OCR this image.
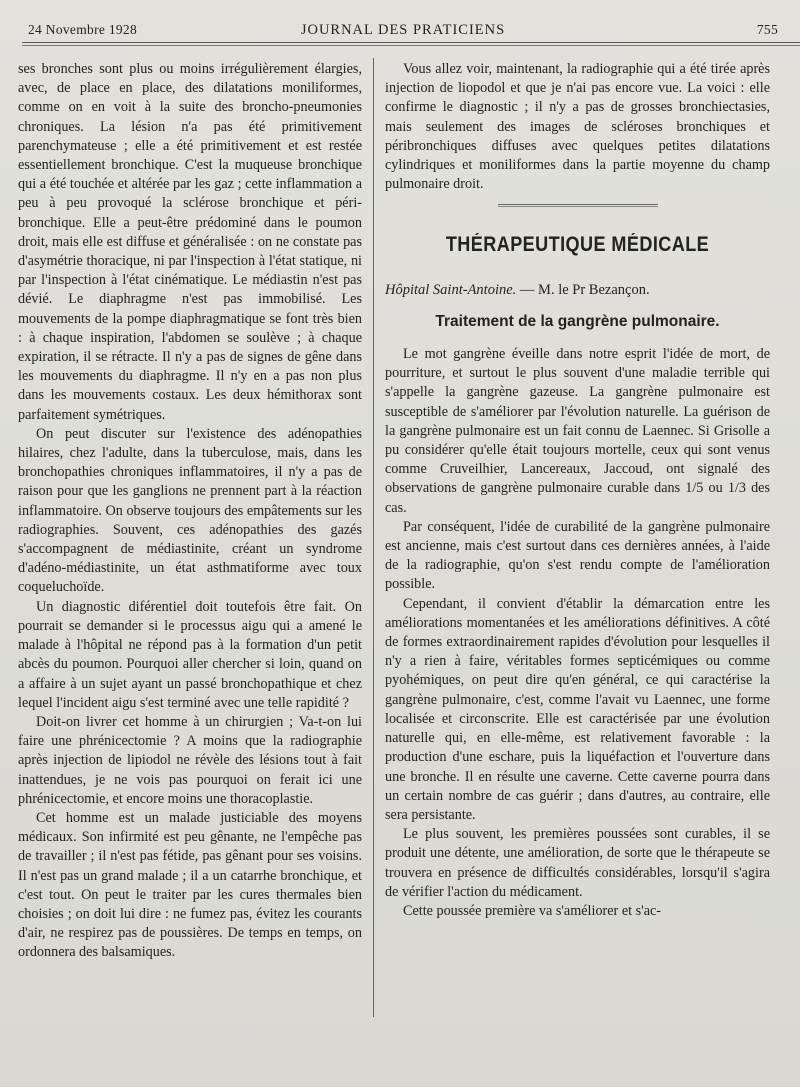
24 Novembre 1928	JOURNAL DES PRATICIENS	755

ses bronches sont plus ou moins irrégulièrement élargies, avec, de place en place, des dilatations moniliformes, comme on en voit à la suite des broncho-pneumonies chroniques. La lésion n'a pas été primitivement parenchymateuse ; elle a été primitivement et est restée essentiellement bronchique. C'est la muqueuse bronchique qui a été touchée et altérée par les gaz ; cette inflammation a peu à peu provoqué la sclérose bronchique et péri-bronchique. Elle a peut-être prédominé dans le poumon droit, mais elle est diffuse et généralisée : on ne constate pas d'asymétrie thoracique, ni par l'inspection à l'état statique, ni par l'inspection à l'état cinématique. Le médiastin n'est pas dévié. Le diaphragme n'est pas immobilisé. Les mouvements de la pompe diaphragmatique se font très bien : à chaque inspiration, l'abdomen se soulève ; à chaque expiration, il se rétracte. Il n'y a pas de signes de gêne dans les mouvements du diaphragme. Il n'y en a pas non plus dans les mouvements costaux. Les deux hémithorax sont parfaitement symétriques.

On peut discuter sur l'existence des adénopathies hilaires, chez l'adulte, dans la tuberculose, mais, dans les bronchopathies chroniques inflammatoires, il n'y a pas de raison pour que les ganglions ne prennent part à la réaction inflammatoire. On observe toujours des empâtements sur les radiographies. Souvent, ces adénopathies des gazés s'accompagnent de médiastinite, créant un syndrome d'adéno-médiastinite, un état asthmatiforme avec toux coqueluchoïde.

Un diagnostic diférentiel doit toutefois être fait. On pourrait se demander si le processus aigu qui a amené le malade à l'hôpital ne répond pas à la formation d'un petit abcès du poumon. Pourquoi aller chercher si loin, quand on a affaire à un sujet ayant un passé bronchopathique et chez lequel l'incident aigu s'est terminé avec une telle rapidité ?

Doit-on livrer cet homme à un chirurgien ; Va-t-on lui faire une phrénicectomie ? A moins que la radiographie après injection de lipiodol ne révèle des lésions tout à fait inattendues, je ne vois pas pourquoi on ferait ici une phrénicectomie, et encore moins une thoracoplastie.

Cet homme est un malade justiciable des moyens médicaux. Son infirmité est peu gênante, ne l'empêche pas de travailler ; il n'est pas fétide, pas gênant pour ses voisins. Il n'est pas un grand malade ; il a un catarrhe bronchique, et c'est tout. On peut le traiter par les cures thermales bien choisies ; on doit lui dire : ne fumez pas, évitez les courants d'air, ne respirez pas de poussières. De temps en temps, on ordonnera des balsamiques.

Vous allez voir, maintenant, la radiographie qui a été tirée après injection de liopodol et que je n'ai pas encore vue. La voici : elle confirme le diagnostic ; il n'y a pas de grosses bronchiectasies, mais seulement des images de scléroses bronchiques et péribronchiques diffuses avec quelques petites dilatations cylindriques et moniliformes dans la partie moyenne du champ pulmonaire droit.

THÉRAPEUTIQUE MÉDICALE

Hôpital Saint-Antoine. — M. le Pr Bezançon.

Traitement de la gangrène pulmonaire.

Le mot gangrène éveille dans notre esprit l'idée de mort, de pourriture, et surtout le plus souvent d'une maladie terrible qui s'appelle la gangrène gazeuse. La gangrène pulmonaire est susceptible de s'améliorer par l'évolution naturelle. La guérison de la gangrène pulmonaire est un fait connu de Laennec. Si Grisolle a pu considérer qu'elle était toujours mortelle, ceux qui sont venus comme Cruveilhier, Lancereaux, Jaccoud, ont signalé des observations de gangrène pulmonaire curable dans 1/5 ou 1/3 des cas.

Par conséquent, l'idée de curabilité de la gangrène pulmonaire est ancienne, mais c'est surtout dans ces dernières années, à l'aide de la radiographie, qu'on s'est rendu compte de l'amélioration possible.

Cependant, il convient d'établir la démarcation entre les améliorations momentanées et les améliorations définitives. A côté de formes extraordinairement rapides d'évolution pour lesquelles il n'y a rien à faire, véritables formes septicémiques ou comme pyohémiques, on peut dire qu'en général, ce qui caractérise la gangrène pulmonaire, c'est, comme l'avait vu Laennec, une forme localisée et circonscrite. Elle est caractérisée par une évolution naturelle qui, en elle-même, est relativement favorable : la production d'une eschare, puis la liquéfaction et l'ouverture dans une bronche. Il en résulte une caverne. Cette caverne pourra dans un certain nombre de cas guérir ; dans d'autres, au contraire, elle sera persistante.

Le plus souvent, les premières poussées sont curables, il se produit une détente, une amélioration, de sorte que le thérapeute se trouvera en présence de difficultés considérables, lorsqu'il s'agira de vérifier l'action du médicament.

Cette poussée première va s'améliorer et s'ac-
